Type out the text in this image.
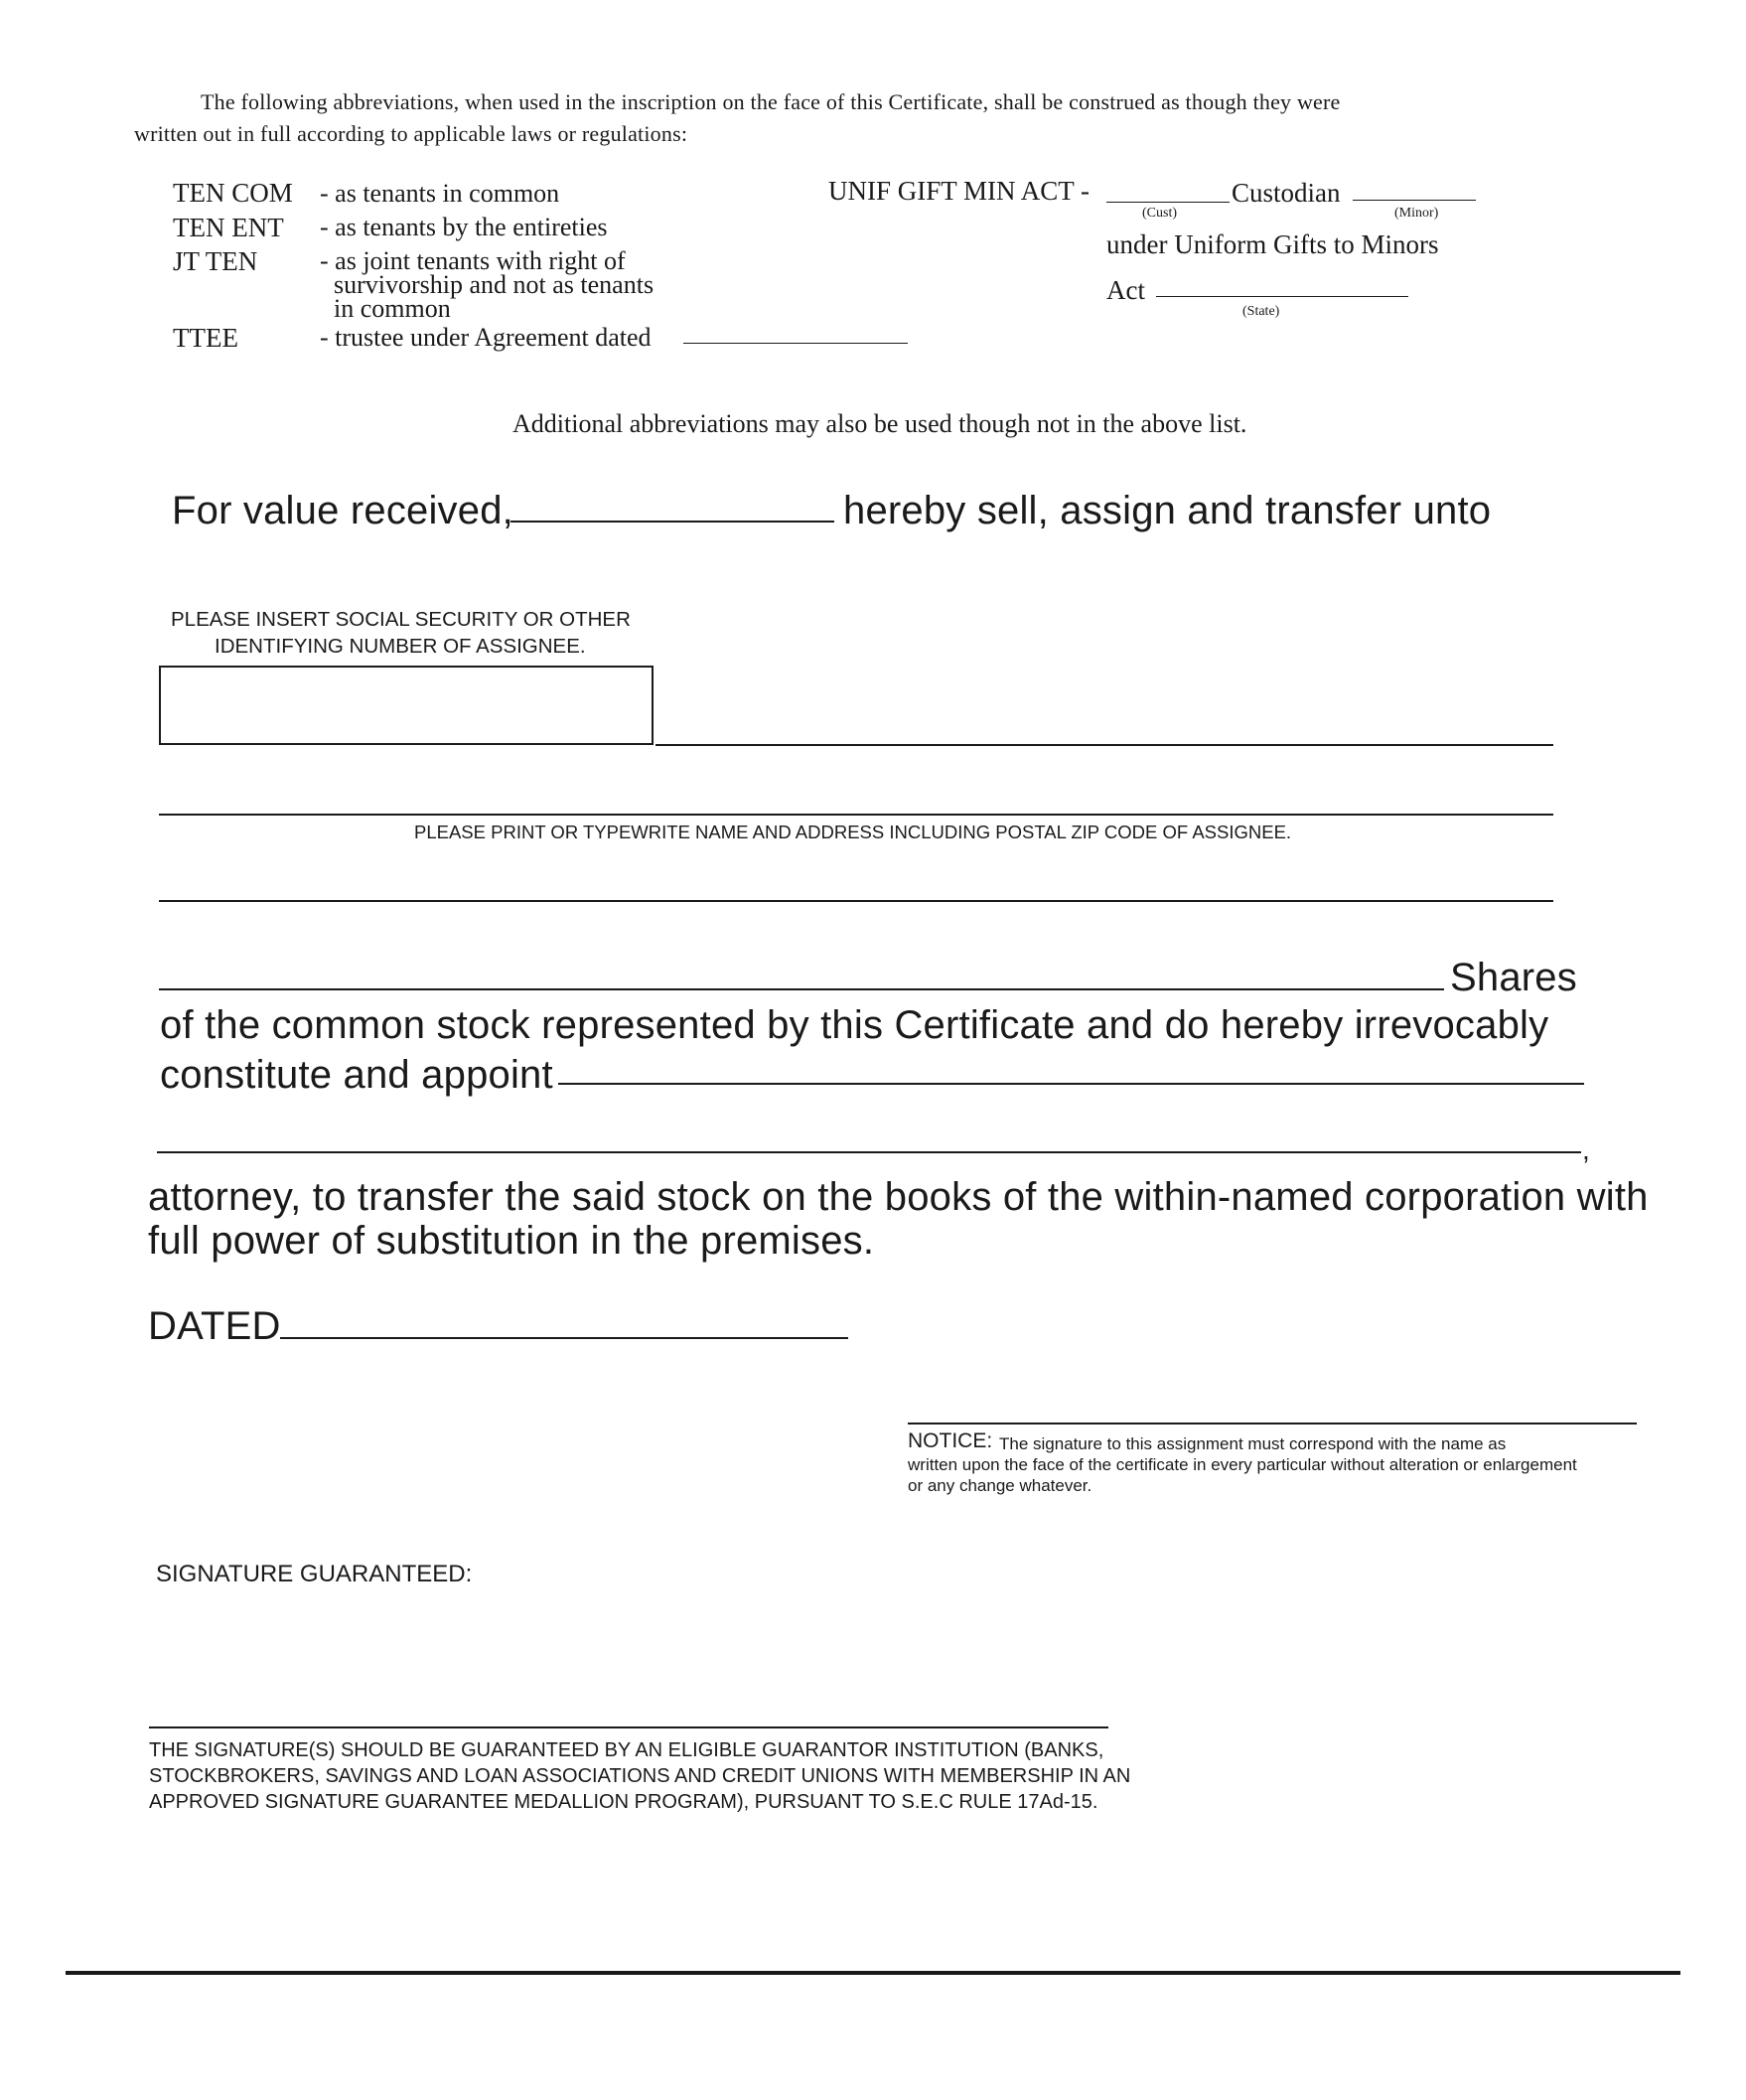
The following abbreviations, when used in the inscription on the face of this Certificate, shall be construed as though they were
written out in full according to applicable laws or regulations:
TEN COM - as tenants in common
TEN ENT - as tenants by the entireties
JT TEN - as joint tenants with right of
survivorship and not as tenants
in common
TTEE	- trustee under Agreement dated
UNIF GIFT MIN ACT -	Custodian
(Cust)	(Minor)
under Uniform Gifts to Minors
Act
(State)
Additional abbreviations may also be used though not in the above list.
For value received,	hereby sell, assign and transfer unto
PLEASE INSERT SOCIAL SECURITY OR OTHER
IDENTIFYING NUMBER OF ASSIGNEE.
PLEASE PRINT OR TYPEWRITE NAME AND ADDRESS INCLUDING POSTAL ZIP CODE OF ASSIGNEE.
Shares
of the common stock represented by this Certificate and do hereby irrevocably
constitute and appoint
,
attorney, to transfer the said stock on the books of the within-named corporation with
full power of substitution in the premises.
DATED
NOTICE: The signature to this assignment must correspond with the name as
written upon the face of the certificate in every particular without alteration or enlargement
or any change whatever.
SIGNATURE GUARANTEED:
THE SIGNATURE(S) SHOULD BE GUARANTEED BY AN ELIGIBLE GUARANTOR INSTITUTION (BANKS,
STOCKBROKERS, SAVINGS AND LOAN ASSOCIATIONS AND CREDIT UNIONS WITH MEMBERSHIP IN AN
APPROVED SIGNATURE GUARANTEE MEDALLION PROGRAM), PURSUANT TO S.E.C RULE 17Ad-15.
